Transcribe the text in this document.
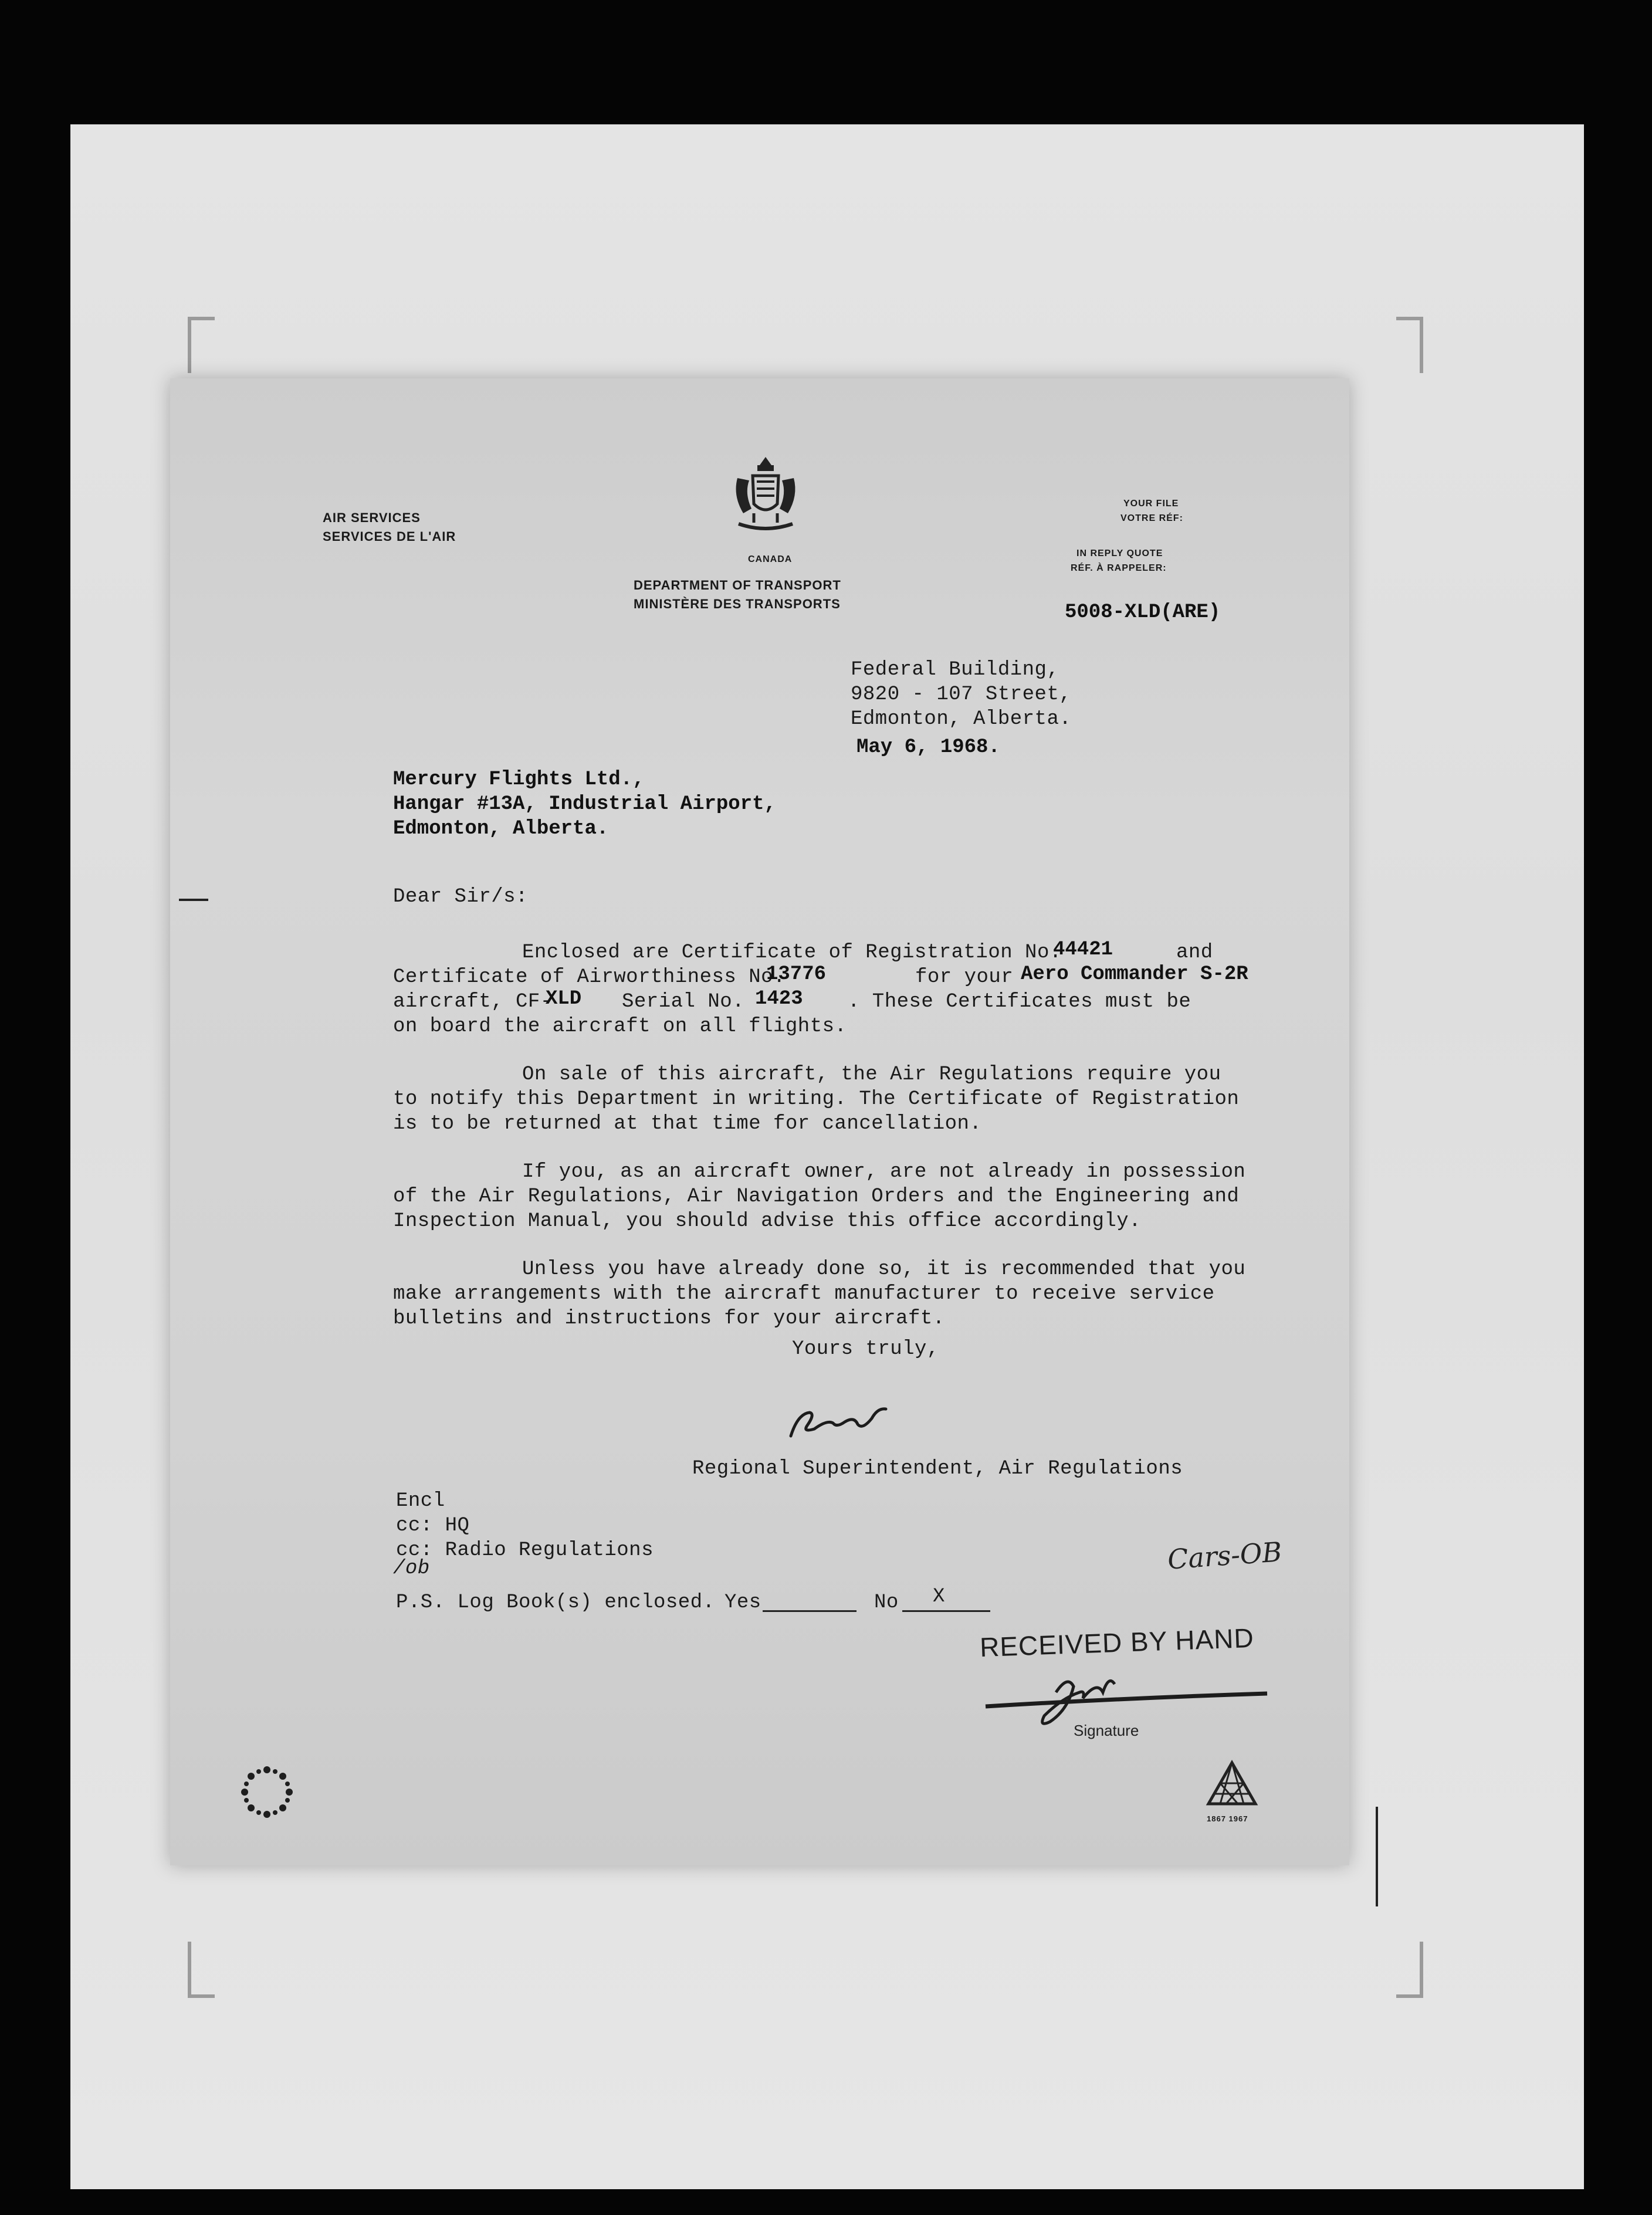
AIR SERVICES
SERVICES DE L'AIR
CANADA
DEPARTMENT OF TRANSPORT
MINISTÈRE DES TRANSPORTS
YOUR FILE
VOTRE RÉF:
IN REPLY QUOTE
RÉF. À RAPPELER:
5008-XLD(ARE)
Federal Building,
9820 - 107 Street,
Edmonton, Alberta.
May 6, 1968.
Mercury Flights Ltd.,
Hangar #13A, Industrial Airport,
Edmonton, Alberta.
Dear Sir/s:
Enclosed are Certificate of Registration No.
44421	and
Certificate of Airworthiness No.
13776	for your Aero Commander S-2R
aircraft, CF-
XLD Serial No. 1423 . These Certificates must be
on board the aircraft on all flights.
On sale of this aircraft, the Air Regulations require you
to notify this Department in writing. The Certificate of Registration
is to be returned at that time for cancellation.
If you, as an aircraft owner, are not already in possession
of the Air Regulations, Air Navigation Orders and the Engineering and
Inspection Manual, you should advise this office accordingly.
Unless you have already done so, it is recommended that you
make arrangements with the aircraft manufacturer to receive service
bulletins and instructions for your aircraft.
Yours truly,
Regional Superintendent, Air Regulations
Encl
cc: HQ
cc: Radio Regulations
/ob	Cars-OB
P.S. Log Book(s) enclosed. Yes	No X
RECEIVED BY HAND
Signature
1867 1967
